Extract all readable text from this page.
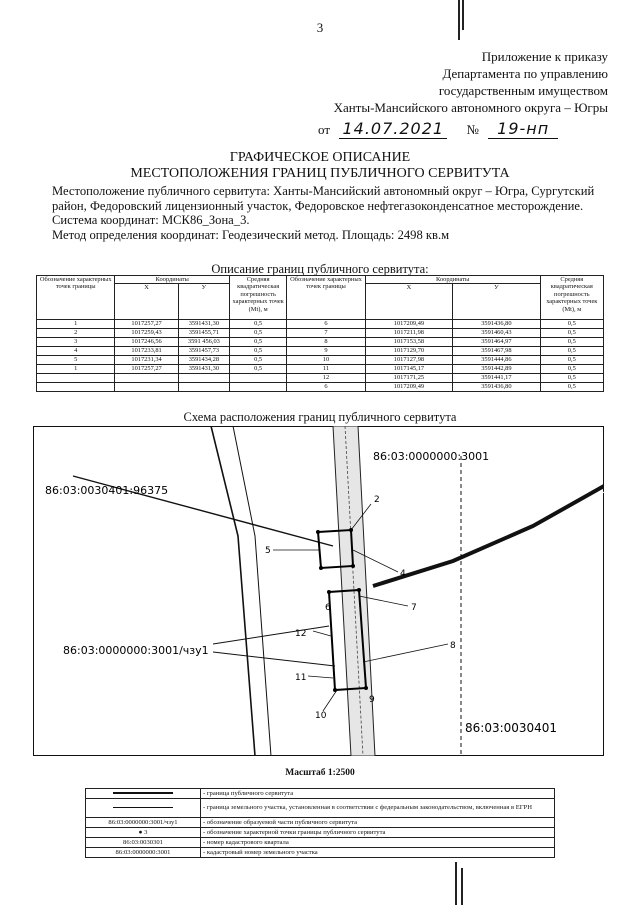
3
Приложение к приказу
Департамента по управлению
государственным имуществом
Ханты-Мансийского автономного округа – Югры
от 14.07.2021 № 19-нп
ГРАФИЧЕСКОЕ ОПИСАНИЕ
МЕСТОПОЛОЖЕНИЯ ГРАНИЦ ПУБЛИЧНОГО СЕРВИТУТА

Местоположение публичного сервитута: Ханты-Мансийский автономный округ – Югра, Сургутский район, Федоровский лицензионный участок, Федоровское нефтегазоконденсатное месторождение.

Система координат: МСК86_Зона_3.

Метод определения координат: Геодезический метод. Площадь: 2498 кв.м

Описание границ публичного сервитута:
Обозначение характерных точек границы	Координаты		Средняя квадратическая погрешность характерных точек (Mt), м	Обозначение характерных точек границы	Координаты		Средняя квадратическая погрешность характерных точек (Mt), м
	X	У			X	У	
1	1017257,27	3591431,30	0,5	6	1017209,49	3591436,80	0,5
2	1017259,43	3591455,71	0,5	7	1017211,98	3591460,43	0,5
3	1017246,56	3591 456,03	0,5	8	1017153,58	3591464,97	0,5
4	1017233,81	3591457,73	0,5	9	1017129,70	3591467,98	0,5
5	1017231,34	3591434,28	0,5	10	1017127,98	3591444,86	0,5
1	1017257,27	3591431,30	0,5	11	1017145,17	3591442,89	0,5
				12	1017171,25	3591441,17	0,5
				6	1017209,49	3591436,80	0,5
Схема расположения границ публичного сервитута
2
5
4
6	7
8
12
11
10
9
86:03:0000000:3001
86:03:0030401:96375
86:03:0000000:3001/чзу1
86:03:0030401
Масштаб 1:2500
	- граница публичного сервитута
	- граница земельного участка, установленная в соответствии с федеральным законодательством, включенная в ЕГРН
86:03:0000000:3001/чзу1	- обозначение образуемой части публичного сервитута
● 3	- обозначение характерной точки границы публичного сервитута
86:03:0030301	- номер кадастрового квартала
86:03:0000000:3001	- кадастровый номер земельного участка
